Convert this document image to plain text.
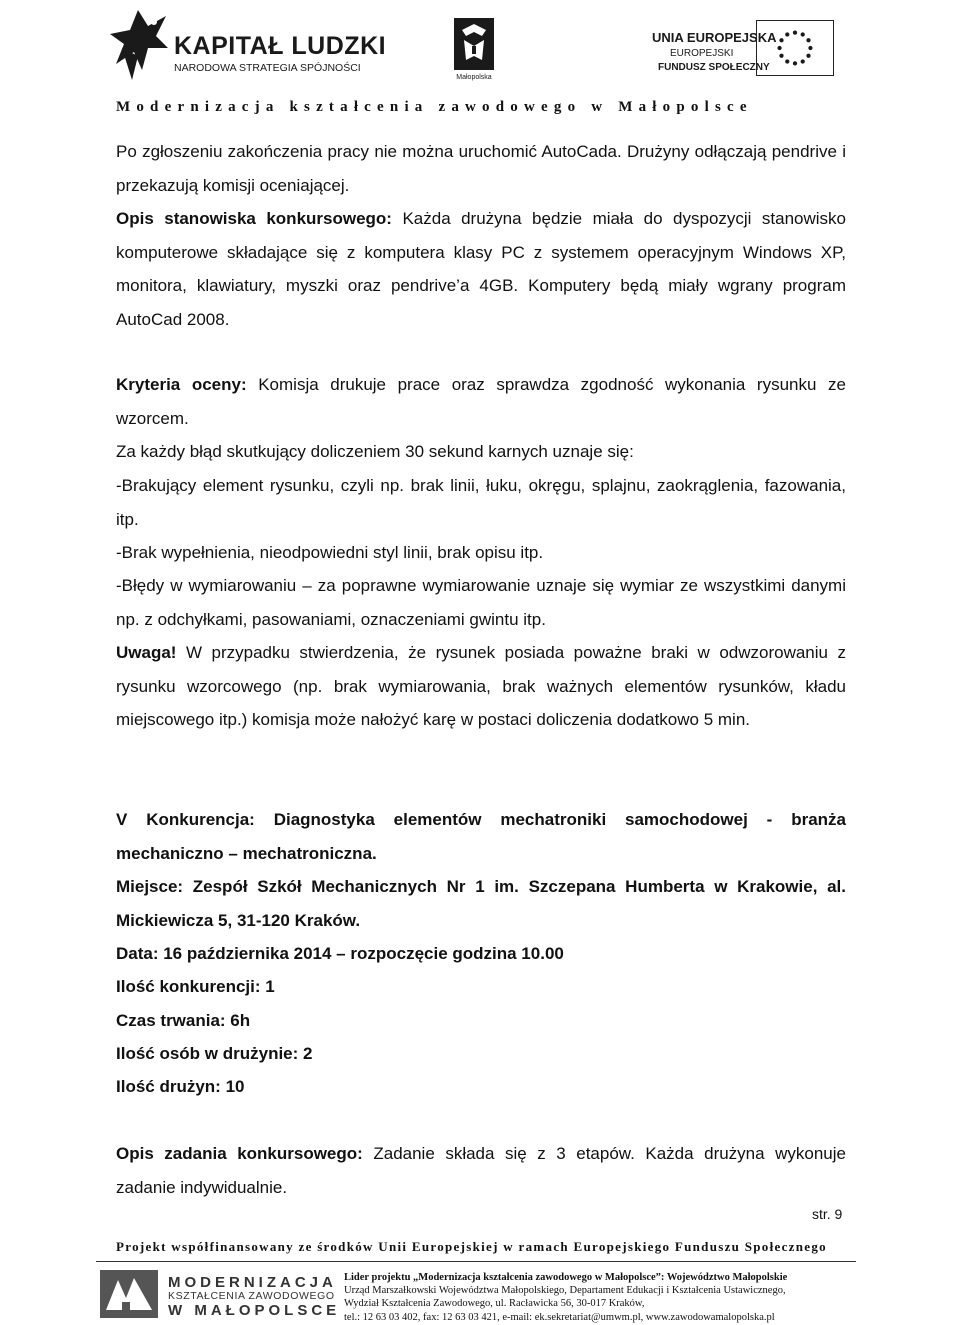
KAPITAŁ LUDZKI
NARODOWA STRATEGIA SPÓJNOŚCI
Małopolska
UNIA EUROPEJSKA
EUROPEJSKI
FUNDUSZ SPOŁECZNY
Modernizacja kształcenia zawodowego w Małopolsce
Po zgłoszeniu zakończenia pracy nie można uruchomić AutoCada. Drużyny odłączają pendrive i przekazują komisji oceniającej.
Opis stanowiska konkursowego: Każda drużyna będzie miała do dyspozycji stanowisko komputerowe składające się z komputera klasy PC z systemem operacyjnym Windows XP, monitora, klawiatury, myszki oraz pendrive’a 4GB. Komputery będą miały wgrany program AutoCad 2008.
Kryteria oceny: Komisja drukuje prace oraz sprawdza zgodność wykonania rysunku ze wzorcem.
Za każdy błąd skutkujący doliczeniem 30 sekund karnych uznaje się:
-Brakujący element rysunku, czyli np. brak linii, łuku, okręgu, splajnu, zaokrąglenia, fazowania, itp.
-Brak wypełnienia, nieodpowiedni styl linii, brak opisu itp.
-Błędy w wymiarowaniu – za poprawne wymiarowanie uznaje się wymiar ze wszystkimi danymi np. z odchyłkami, pasowaniami, oznaczeniami gwintu itp.
Uwaga! W przypadku stwierdzenia, że rysunek posiada poważne braki w odwzorowaniu z rysunku wzorcowego (np. brak wymiarowania, brak ważnych elementów rysunków, kładu miejscowego itp.) komisja może nałożyć karę w postaci doliczenia dodatkowo 5 min.
V Konkurencja: Diagnostyka elementów mechatroniki samochodowej - branża mechaniczno – mechatroniczna.
Miejsce: Zespół Szkół Mechanicznych Nr 1 im. Szczepana Humberta w Krakowie, al. Mickiewicza 5, 31-120 Kraków.
Data: 16 października 2014 – rozpoczęcie godzina 10.00
Ilość konkurencji: 1
Czas trwania: 6h
Ilość osób w drużynie: 2
Ilość drużyn: 10
Opis zadania konkursowego: Zadanie składa się z 3 etapów. Każda drużyna wykonuje zadanie indywidualnie.
str. 9
Projekt współfinansowany ze środków Unii Europejskiej w ramach Europejskiego Funduszu Społecznego
MODERNIZACJA
KSZTAŁCENIA ZAWODOWEGO
W MAŁOPOLSCE
Lider projektu „Modernizacja kształcenia zawodowego w Małopolsce”: Województwo Małopolskie
Urząd Marszałkowski Województwa Małopolskiego, Departament Edukacji i Kształcenia Ustawicznego,
Wydział Kształcenia Zawodowego, ul. Racławicka 56, 30-017 Kraków,
tel.: 12 63 03 402, fax: 12 63 03 421, e-mail: ek.sekretariat@umwm.pl, www.zawodowamalopolska.pl
